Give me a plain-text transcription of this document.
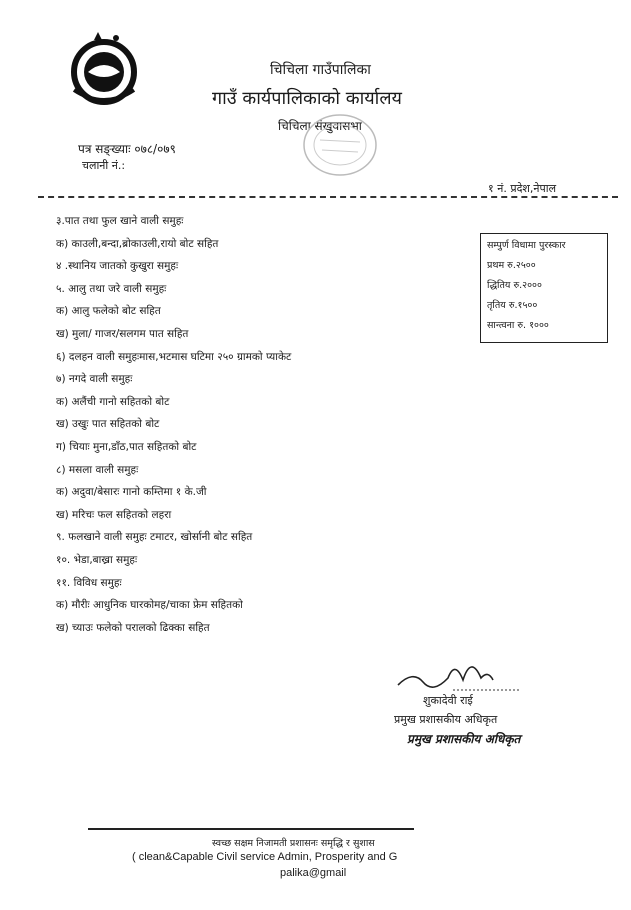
चिचिला गाउँपालिका
गाउँ कार्यपालिकाको कार्यालय
चिचिला संखुवासभा
पत्र सङ्ख्याः ०७८/०७९
चलानी नं.:
१ नं. प्रदेश,नेपाल
३.पात तथा फुल खाने वाली समुहः
क) काउली,बन्दा,ब्रोकाउली,रायो बोट सहित
४ .स्थानिय जातको कुखुरा समुहः
५. आलु तथा जरे वाली समुहः
क) आलु फलेको बोट सहित
ख) मुला/ गाजर/सलगम पात सहित
६) दलहन वाली समुहःमास,भटमास घटिमा २५० ग्रामको प्याकेट
७) नगदे वाली समुहः
क) अलैंची गानो सहितको बोट
ख) उखुः पात सहितको बोट
ग) चियाः मुना,डाँठ,पात सहितको बोट
८) मसला वाली समुहः
क) अदुवा/बेसारः गानो कम्तिमा १ के.जी
ख) मरिचः फल सहितको लहरा
९. फलखाने वाली समुहः टमाटर, खोर्सानी बोट सहित
१०. भेडा,बाख्रा समुहः
११. विविध समुहः
क) मौरीः आधुनिक घारकोमह/चाका फ्रेम सहितको
ख) च्याउः फलेको परालको ढिक्का सहित
सम्पुर्ण विधामा पुरस्कार
प्रथम रु.२५००
द्धितिय रु.२०००
तृतिय रु.१५००
सान्त्वना रु. १०००
शुकादेवी राई
प्रमुख प्रशासकीय अधिकृत
प्रमुख प्रशासकीय अधिकृत
स्वच्छ सक्षम निजामती प्रशासनः समृद्धि र सुशास
( clean&Capable Civil service Admin, Prosperity and G
palika@gmail
